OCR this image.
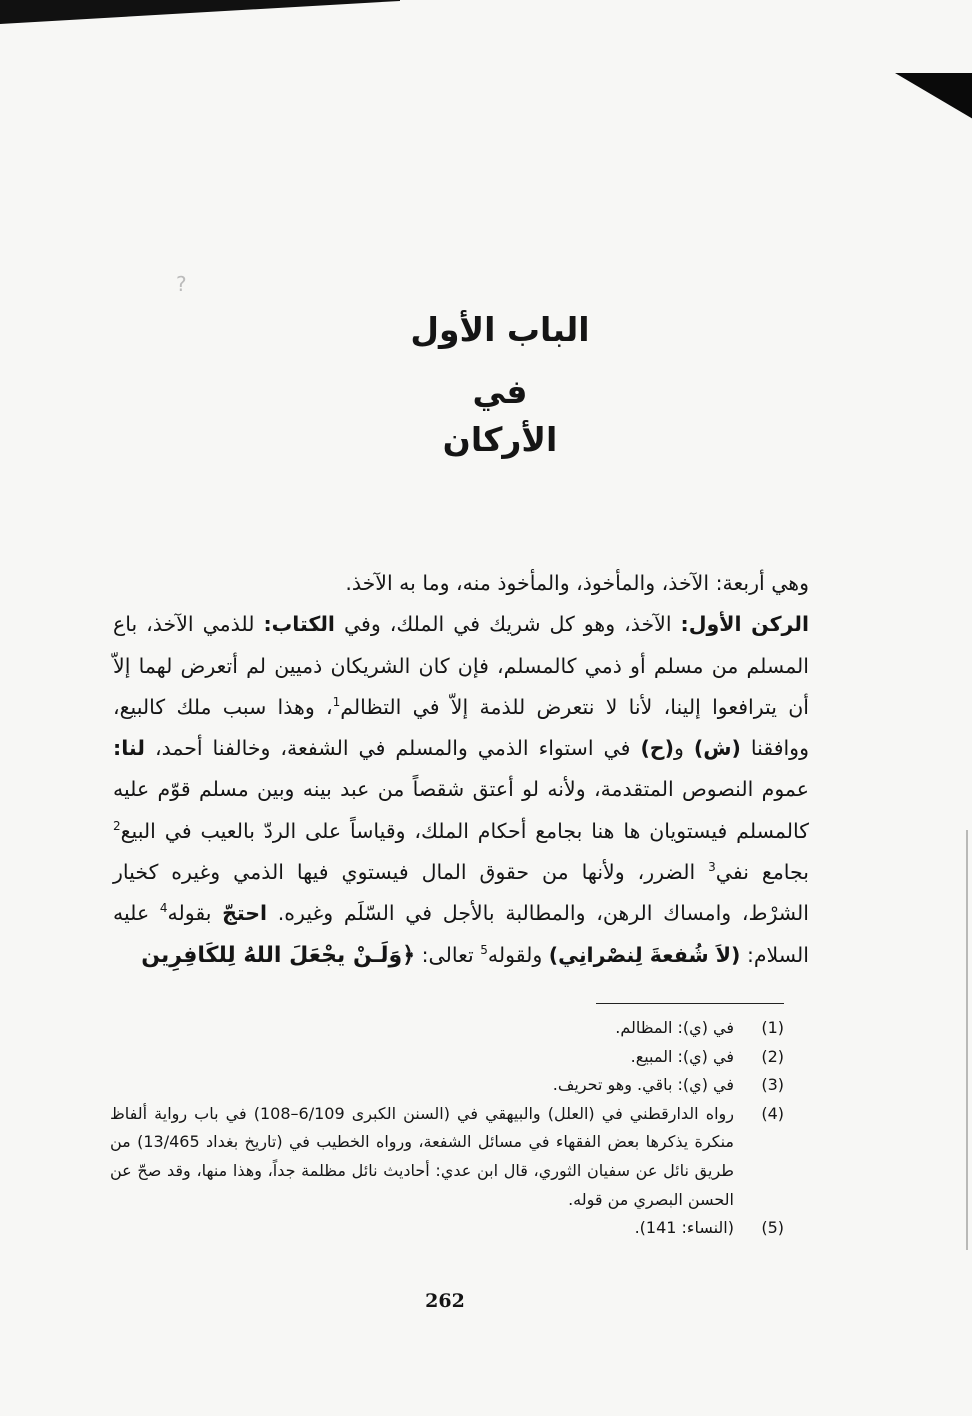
?
الباب الأول
في
الأركان

وهي أربعة: الآخذ، والمأخوذ، والمأخوذ منه، وما به الآخذ.

الركن الأول: الآخذ، وهو كل شريك في الملك، وفي الكتاب: للذمي الآخذ، باع المسلم من مسلم أو ذمي كالمسلم، فإن كان الشريكان ذميين لم أتعرض لهما إلاّ أن يترافعوا إلينا، لأنا لا نتعرض للذمة إلاّ في التظالم$^1$، وهذا سبب ملك كالبيع، ووافقنا (ش) و(ح) في استواء الذمي والمسلم في الشفعة، وخالفنا أحمد، لنا: عموم النصوص المتقدمة، ولأنه لو أعتق شقصاً من عبد بينه وبين مسلم قوّم عليه كالمسلم فيستويان ها هنا بجامع أحكام الملك، وقياساً على الردّ بالعيب في البيع$^2$ بجامع نفي$^3$ الضرر، ولأنها من حقوق المال فيستوي فيها الذمي وغيره كخيار الشرْط، وامساك الرهن، والمطالبة بالأجل في السّلَم وغيره. احتجّ بقوله$^4$ عليه السلام: (لاَ شُفعةَ لِنصْرانِي) ولقوله$^5$ تعالى: ﴿وَلَـنْ يجْعَلَ اللهُ لِلكَافِرِين

(1)
في (ي): المظالم.
(2)
في (ي): المبيع.
(3)
في (ي): باقي. وهو تحريف.
(4)
رواه الدارقطني في (العلل) والبيهقي في (السنن الكبرى 6/109–108) في باب رواية ألفاظ منكرة يذكرها بعض الفقهاء في مسائل الشفعة، ورواه الخطيب في (تاريخ بغداد 13/465) من طريق نائل عن سفيان الثوري، قال ابن عدي: أحاديث نائل مظلمة جداً، وهذا منها، وقد صحّ عن الحسن البصري من قوله.
(5)
(النساء: 141).
262
